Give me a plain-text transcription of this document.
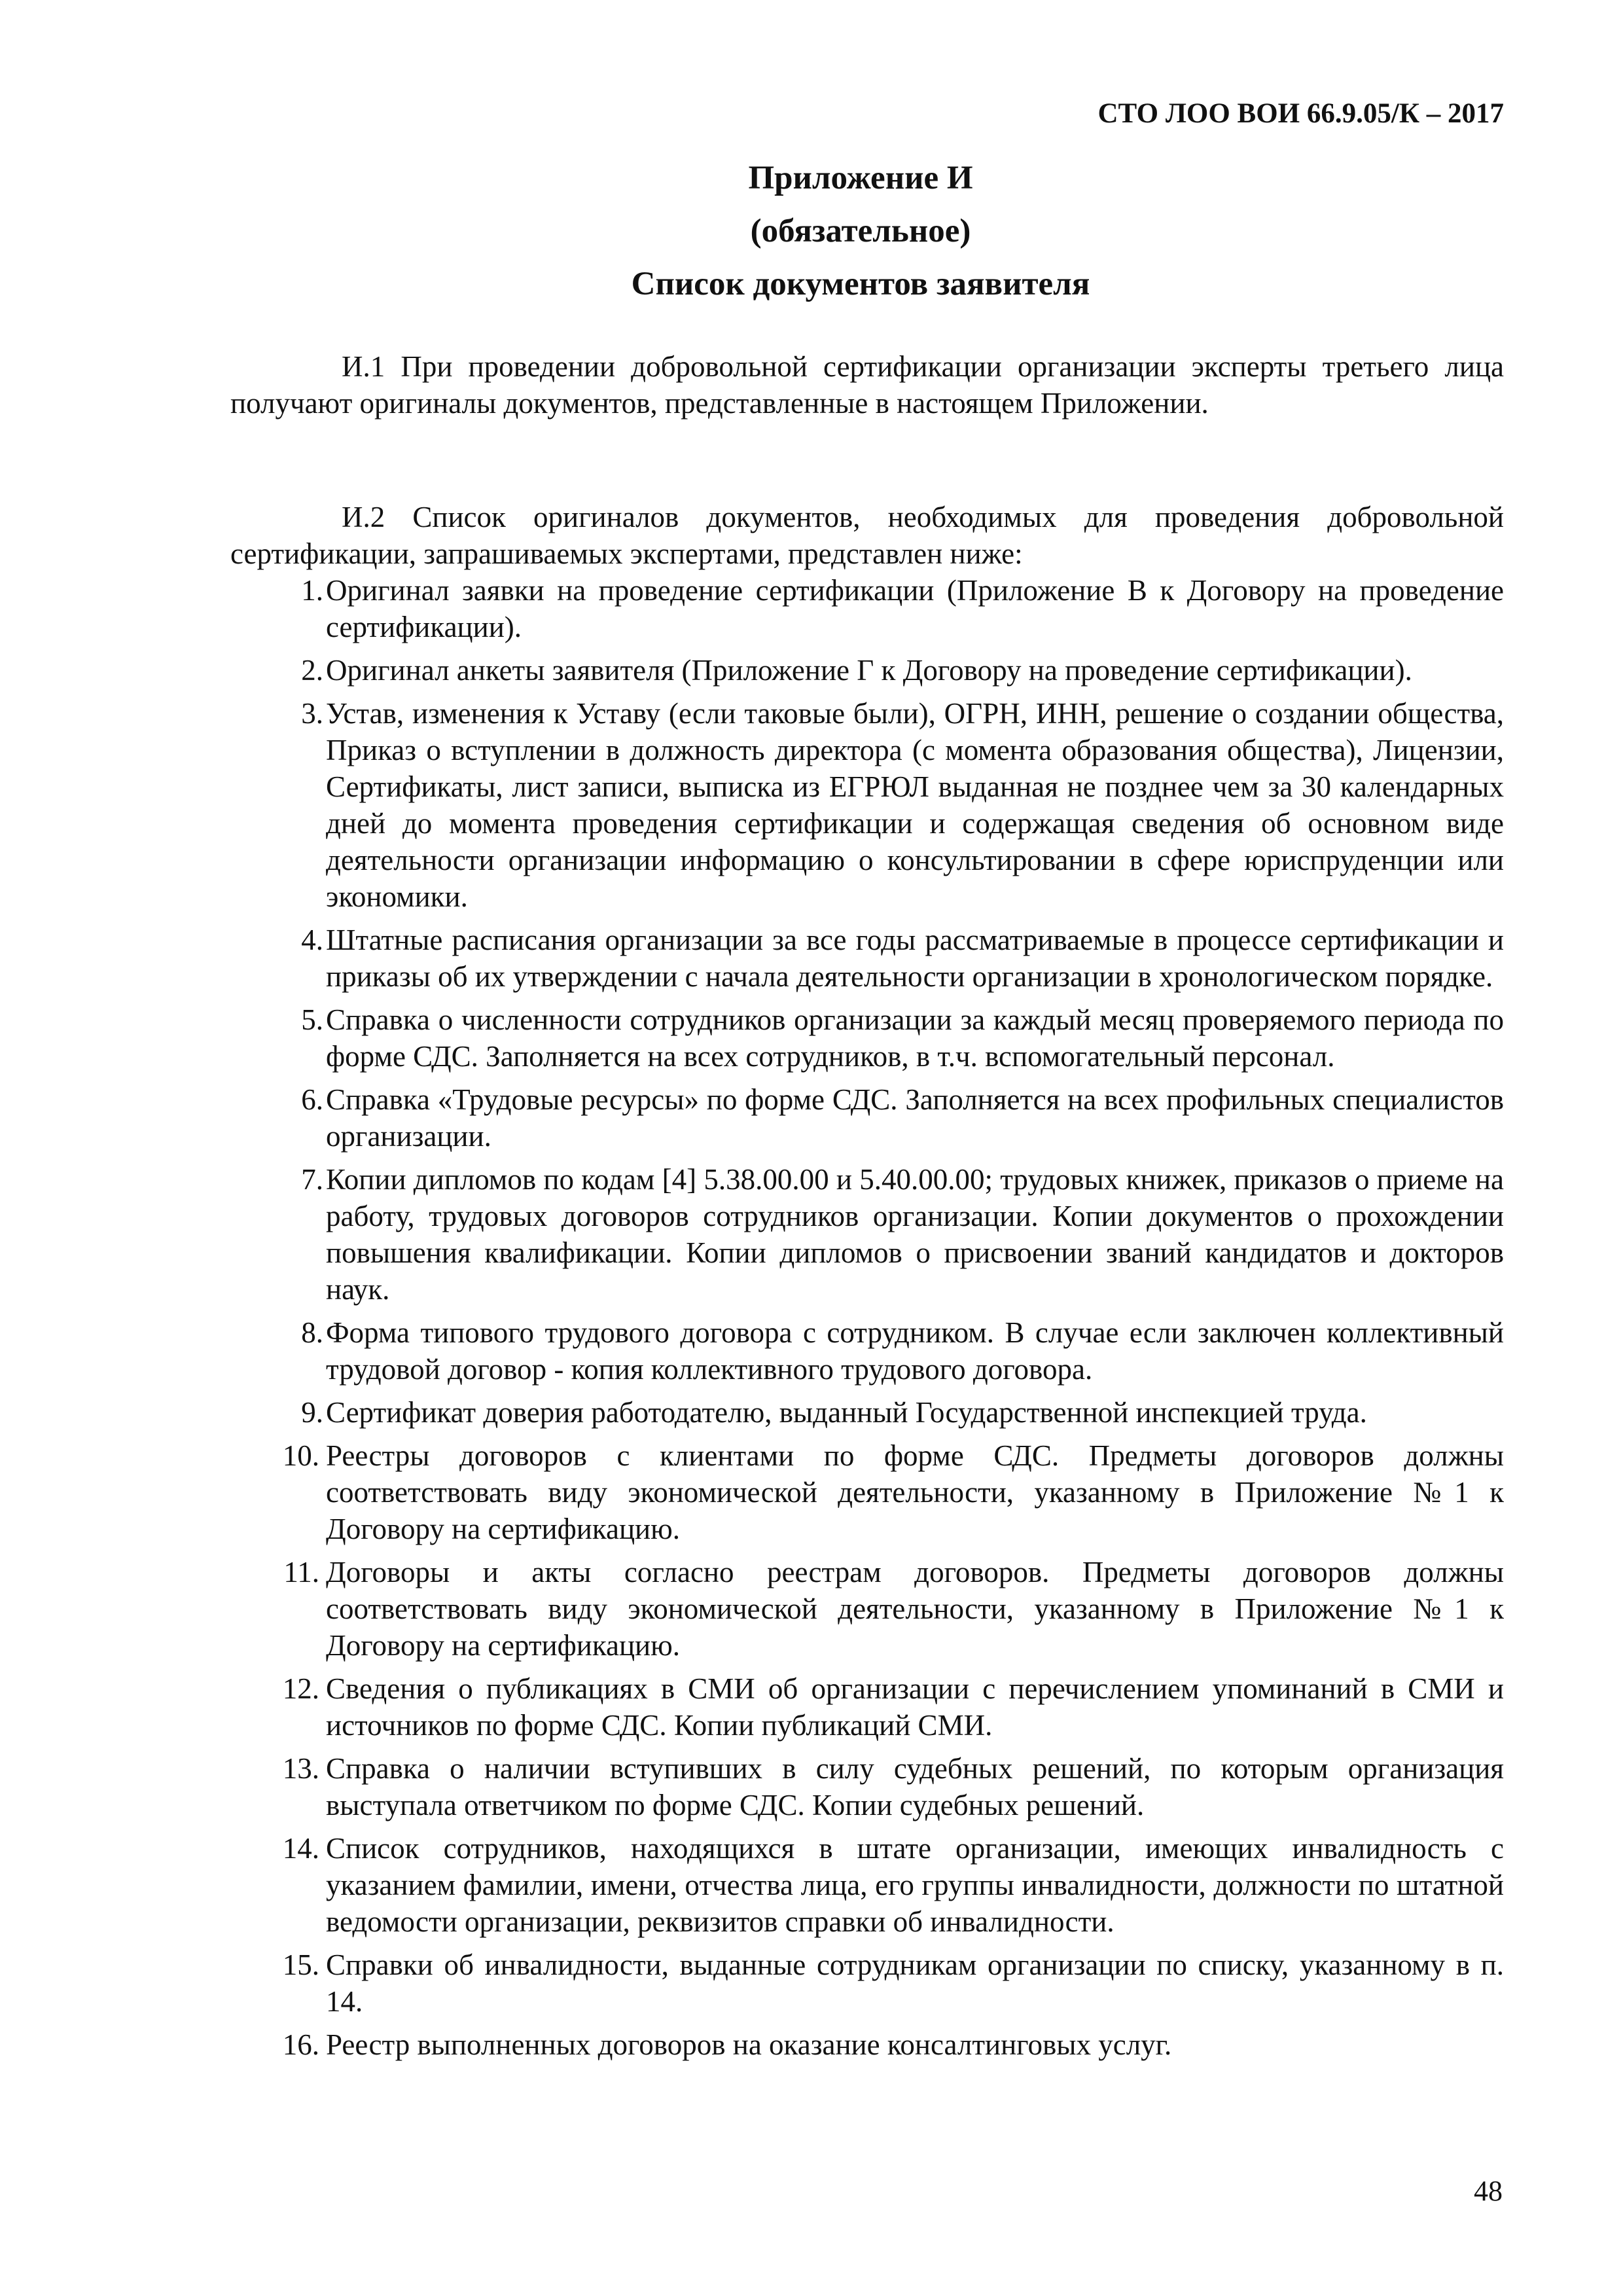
СТО ЛОО ВОИ 66.9.05/К – 2017
Приложение И
(обязательное)
Список документов заявителя

И.1 При проведении добровольной сертификации организации эксперты третьего лица получают оригиналы документов, представленные в настоящем Приложении.

И.2 Список оригиналов документов, необходимых для проведения добровольной сертификации, запрашиваемых экспертами, представлен ниже:

1. Оригинал заявки на проведение сертификации (Приложение В к Договору на проведение сертификации).
2. Оригинал анкеты заявителя (Приложение Г к Договору на проведение сертификации).
3. Устав, изменения к Уставу (если таковые были), ОГРН, ИНН, решение о создании общества, Приказ о вступлении в должность директора (с момента образования общества), Лицензии, Сертификаты, лист записи, выписка из ЕГРЮЛ выданная не позднее чем за 30 календарных дней до момента проведения сертификации и содержащая сведения об основном виде деятельности организации информацию о консультировании в сфере юриспруденции или экономики.
4. Штатные расписания организации за все годы рассматриваемые в процессе сертификации и приказы об их утверждении с начала деятельности организации в хронологическом порядке.
5. Справка о численности сотрудников организации за каждый месяц проверяемого периода по форме СДС. Заполняется на всех сотрудников, в т.ч. вспомогательный персонал.
6. Справка «Трудовые ресурсы» по форме СДС. Заполняется на всех профильных специалистов организации.
7. Копии дипломов по кодам [4] 5.38.00.00 и 5.40.00.00; трудовых книжек, приказов о приеме на работу, трудовых договоров сотрудников организации. Копии документов о прохождении повышения квалификации. Копии дипломов о присвоении званий кандидатов и докторов наук.
8. Форма типового трудового договора с сотрудником. В случае если заключен коллективный трудовой договор - копия коллективного трудового договора.
9. Сертификат доверия работодателю, выданный Государственной инспекцией труда.
10. Реестры договоров с клиентами по форме СДС. Предметы договоров должны соответствовать виду экономической деятельности, указанному в Приложение №1 к Договору на сертификацию.
11. Договоры и акты согласно реестрам договоров. Предметы договоров должны соответствовать виду экономической деятельности, указанному в Приложение №1 к Договору на сертификацию.
12. Сведения о публикациях в СМИ об организации с перечислением упоминаний в СМИ и источников по форме СДС. Копии публикаций СМИ.
13. Справка о наличии вступивших в силу судебных решений, по которым организация выступала ответчиком по форме СДС. Копии судебных решений.
14. Список сотрудников, находящихся в штате организации, имеющих инвалидность с указанием фамилии, имени, отчества лица, его группы инвалидности, должности по штатной ведомости организации, реквизитов справки об инвалидности.
15. Справки об инвалидности, выданные сотрудникам организации по списку, указанному в п. 14.
16. Реестр выполненных договоров на оказание консалтинговых услуг.
48
